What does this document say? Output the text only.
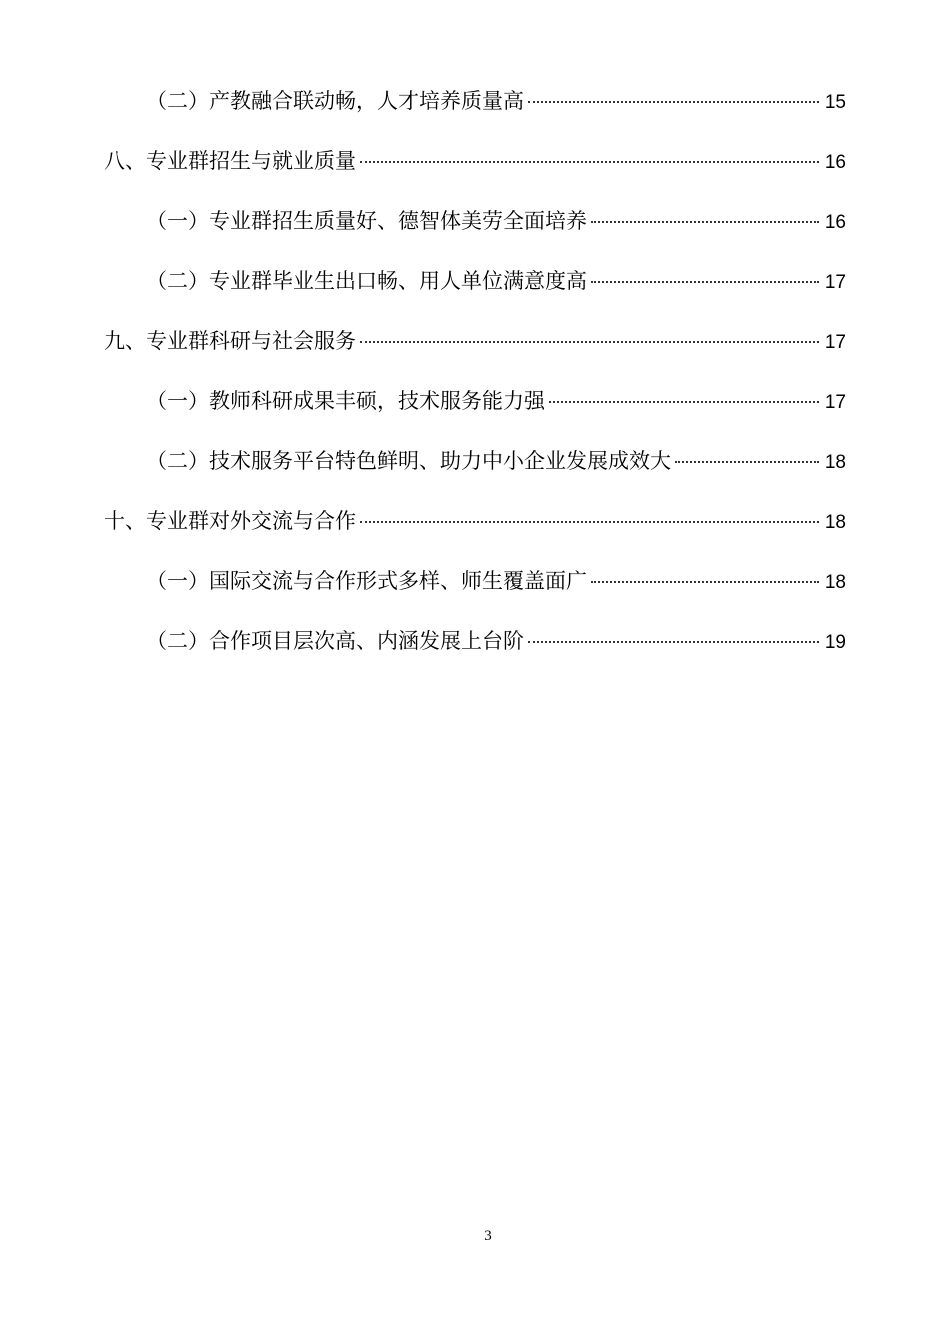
（二）产教融合联动畅，人才培养质量高	15
八、专业群招生与就业质量	16
（一）专业群招生质量好、德智体美劳全面培养	16
（二）专业群毕业生出口畅、用人单位满意度高	17
九、专业群科研与社会服务	17
（一）教师科研成果丰硕，技术服务能力强	17
（二）技术服务平台特色鲜明、助力中小企业发展成效大	18
十、专业群对外交流与合作	18
（一）国际交流与合作形式多样、师生覆盖面广	18
（二）合作项目层次高、内涵发展上台阶	19
3
